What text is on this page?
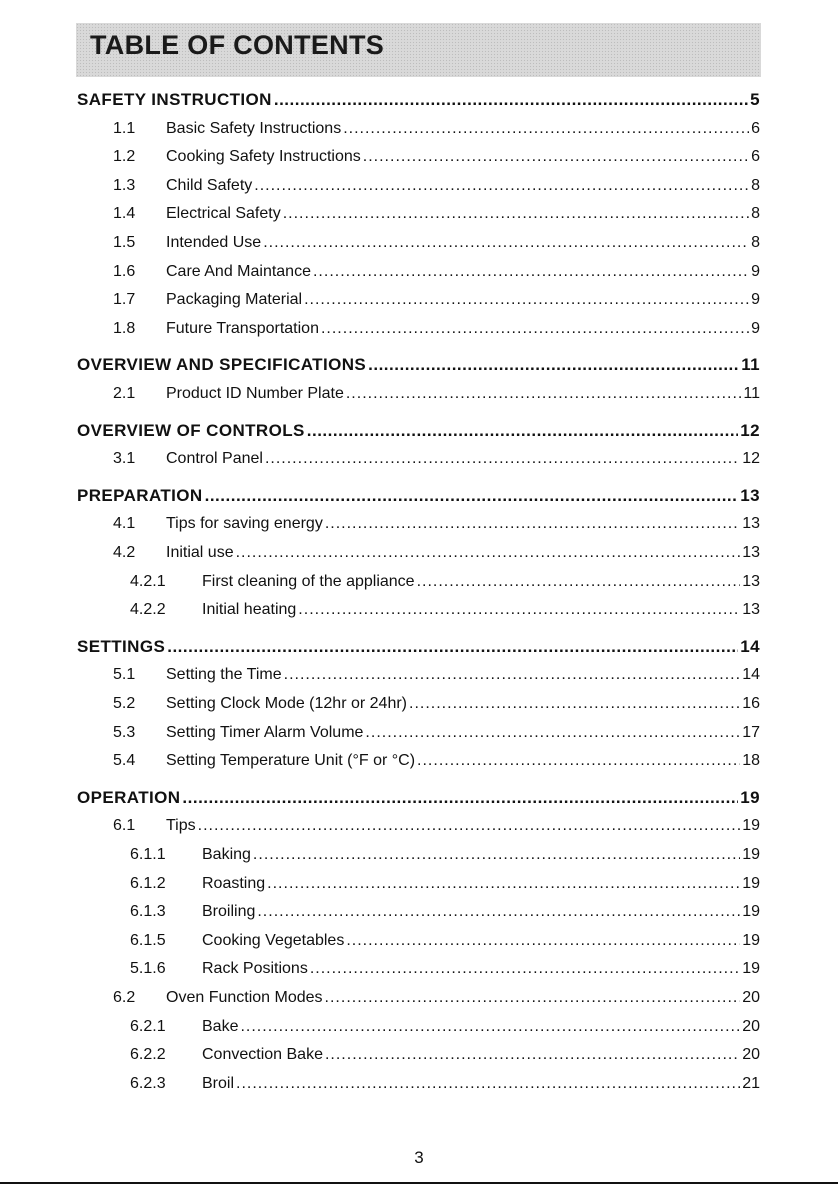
TABLE OF CONTENTS
SAFETY INSTRUCTION .....	5
1.1	Basic Safety Instructions .....	6
1.2	Cooking Safety Instructions .....	6
1.3	Child Safety .....	8
1.4	Electrical Safety .....	8
1.5	Intended Use .....	8
1.6	Care And Maintance .....	9
1.7	Packaging Material .....	9
1.8	Future Transportation .....	9
OVERVIEW AND SPECIFICATIONS .....	11
2.1	Product ID Number Plate .....	11
OVERVIEW OF CONTROLS .....	12
3.1	Control Panel .....	12
PREPARATION .....	13
4.1	Tips for saving energy .....	13
4.2	Initial use .....	13
4.2.1	First cleaning of the appliance .....	13
4.2.2	Initial heating .....	13
SETTINGS .....	14
5.1	Setting the Time .....	14
5.2	Setting Clock Mode (12hr or 24hr) .....	16
5.3	Setting Timer Alarm Volume .....	17
5.4	Setting Temperature Unit (°F or °C) .....	18
OPERATION .....	19
6.1	Tips .....	19
6.1.1	Baking .....	19
6.1.2	Roasting .....	19
6.1.3	Broiling .....	19
6.1.5	Cooking Vegetables .....	19
5.1.6	Rack Positions .....	19
6.2	Oven Function Modes .....	20
6.2.1	Bake .....	20
6.2.2	Convection Bake .....	20
6.2.3	Broil .....	21
3
